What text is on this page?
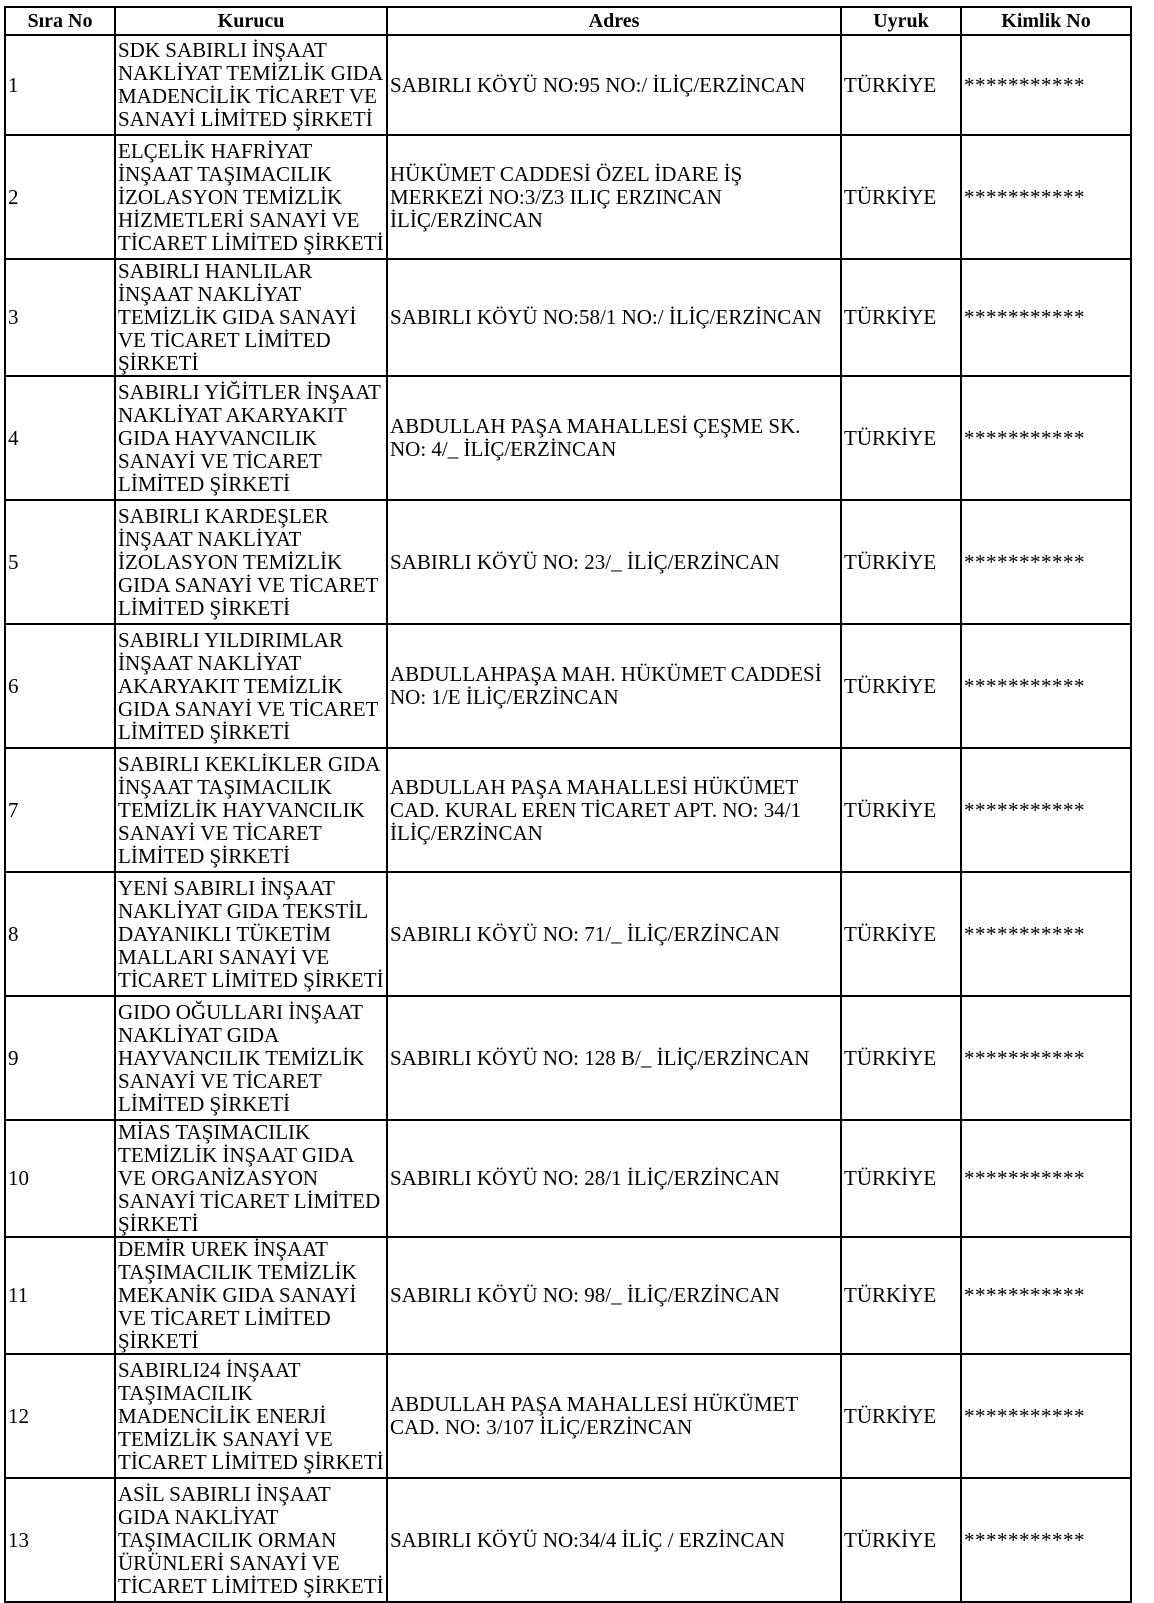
Sıra No	Kurucu	Adres	Uyruk	Kimlik No
1	SDK SABIRLI İNŞAAT NAKLİYAT TEMİZLİK GIDA MADENCİLİK TİCARET VE SANAYİ LİMİTED ŞİRKETİ	SABIRLI KÖYÜ NO:95 NO:/ İLİÇ/ERZİNCAN	TÜRKİYE	***********
2	ELÇELİK HAFRİYAT İNŞAAT TAŞIMACILIK İZOLASYON TEMİZLİK HİZMETLERİ SANAYİ VE TİCARET LİMİTED ŞİRKETİ	HÜKÜMET CADDESİ ÖZEL İDARE İŞ MERKEZİ NO:3/Z3 ILIÇ ERZINCAN İLİÇ/ERZİNCAN	TÜRKİYE	***********
3	SABIRLI HANLILAR İNŞAAT NAKLİYAT TEMİZLİK GIDA SANAYİ VE TİCARET LİMİTED ŞİRKETİ	SABIRLI KÖYÜ NO:58/1 NO:/ İLİÇ/ERZİNCAN	TÜRKİYE	***********
4	SABIRLI YİĞİTLER İNŞAAT NAKLİYAT AKARYAKIT GIDA HAYVANCILIK SANAYİ VE TİCARET LİMİTED ŞİRKETİ	ABDULLAH PAŞA MAHALLESİ ÇEŞME SK. NO: 4/_ İLİÇ/ERZİNCAN	TÜRKİYE	***********
5	SABIRLI KARDEŞLER İNŞAAT NAKLİYAT İZOLASYON TEMİZLİK GIDA SANAYİ VE TİCARET LİMİTED ŞİRKETİ	SABIRLI KÖYÜ NO: 23/_ İLİÇ/ERZİNCAN	TÜRKİYE	***********
6	SABIRLI YILDIRIMLAR İNŞAAT NAKLİYAT AKARYAKIT TEMİZLİK GIDA SANAYİ VE TİCARET LİMİTED ŞİRKETİ	ABDULLAHPAŞA MAH. HÜKÜMET CADDESİ NO: 1/E İLİÇ/ERZİNCAN	TÜRKİYE	***********
7	SABIRLI KEKLİKLER GIDA İNŞAAT TAŞIMACILIK TEMİZLİK HAYVANCILIK SANAYİ VE TİCARET LİMİTED ŞİRKETİ	ABDULLAH PAŞA MAHALLESİ HÜKÜMET CAD. KURAL EREN TİCARET APT. NO: 34/1 İLİÇ/ERZİNCAN	TÜRKİYE	***********
8	YENİ SABIRLI İNŞAAT NAKLİYAT GIDA TEKSTİL DAYANIKLI TÜKETİM MALLARI SANAYİ VE TİCARET LİMİTED ŞİRKETİ	SABIRLI KÖYÜ NO: 71/_ İLİÇ/ERZİNCAN	TÜRKİYE	***********
9	GIDO OĞULLARI İNŞAAT NAKLİYAT GIDA HAYVANCILIK TEMİZLİK SANAYİ VE TİCARET LİMİTED ŞİRKETİ	SABIRLI KÖYÜ NO: 128 B/_ İLİÇ/ERZİNCAN	TÜRKİYE	***********
10	MİAS TAŞIMACILIK TEMİZLİK İNŞAAT GIDA VE ORGANİZASYON SANAYİ TİCARET LİMİTED ŞİRKETİ	SABIRLI KÖYÜ NO: 28/1 İLİÇ/ERZİNCAN	TÜRKİYE	***********
11	DEMİR UREK İNŞAAT TAŞIMACILIK TEMİZLİK MEKANİK GIDA SANAYİ VE TİCARET LİMİTED ŞİRKETİ	SABIRLI KÖYÜ NO: 98/_ İLİÇ/ERZİNCAN	TÜRKİYE	***********
12	SABIRLI24 İNŞAAT TAŞIMACILIK MADENCİLİK ENERJİ TEMİZLİK SANAYİ VE TİCARET LİMİTED ŞİRKETİ	ABDULLAH PAŞA MAHALLESİ HÜKÜMET CAD. NO: 3/107 İLİÇ/ERZİNCAN	TÜRKİYE	***********
13	ASİL SABIRLI İNŞAAT GIDA NAKLİYAT TAŞIMACILIK ORMAN ÜRÜNLERİ SANAYİ VE TİCARET LİMİTED ŞİRKETİ	SABIRLI KÖYÜ NO:34/4 İLİÇ / ERZİNCAN	TÜRKİYE	***********
